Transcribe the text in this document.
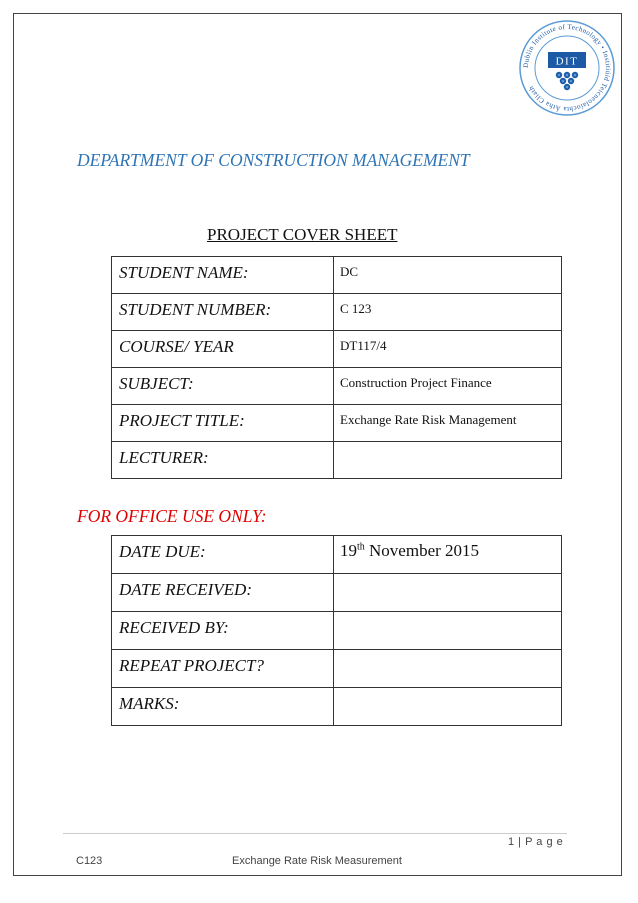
Dublin Institute of Technology • Institiúid Teicneolaíochta Átha Cliath
DIT
DEPARTMENT OF CONSTRUCTION MANAGEMENT
PROJECT COVER SHEET
STUDENT NAME:	DC
STUDENT NUMBER:	C 123
COURSE/ YEAR	DT117/4
SUBJECT:	Construction Project Finance
PROJECT TITLE:	Exchange Rate Risk Management
LECTURER:	
FOR OFFICE USE ONLY:
DATE DUE:	19th November 2015
DATE RECEIVED:	
RECEIVED BY:	
REPEAT PROJECT?	
MARKS:	
1 | P a g e
C123	Exchange Rate Risk Measurement
